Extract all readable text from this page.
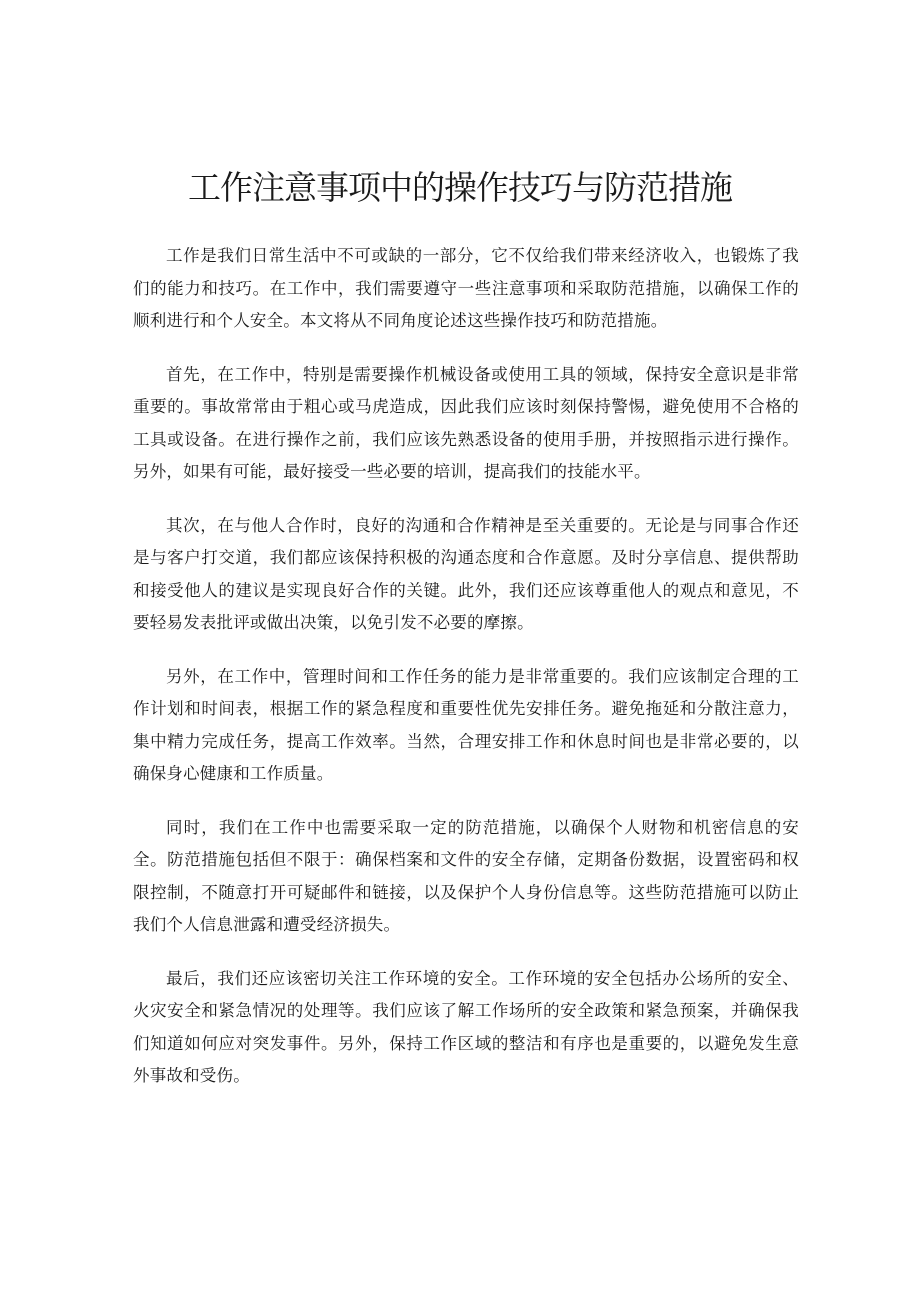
工作注意事项中的操作技巧与防范措施

工作是我们日常生活中不可或缺的一部分，它不仅给我们带来经济收入，也锻炼了我们的能力和技巧。在工作中，我们需要遵守一些注意事项和采取防范措施，以确保工作的顺利进行和个人安全。本文将从不同角度论述这些操作技巧和防范措施。

首先，在工作中，特别是需要操作机械设备或使用工具的领域，保持安全意识是非常重要的。事故常常由于粗心或马虎造成，因此我们应该时刻保持警惕，避免使用不合格的工具或设备。在进行操作之前，我们应该先熟悉设备的使用手册，并按照指示进行操作。另外，如果有可能，最好接受一些必要的培训，提高我们的技能水平。

其次，在与他人合作时，良好的沟通和合作精神是至关重要的。无论是与同事合作还是与客户打交道，我们都应该保持积极的沟通态度和合作意愿。及时分享信息、提供帮助和接受他人的建议是实现良好合作的关键。此外，我们还应该尊重他人的观点和意见，不要轻易发表批评或做出决策，以免引发不必要的摩擦。

另外，在工作中，管理时间和工作任务的能力是非常重要的。我们应该制定合理的工作计划和时间表，根据工作的紧急程度和重要性优先安排任务。避免拖延和分散注意力，集中精力完成任务，提高工作效率。当然，合理安排工作和休息时间也是非常必要的，以确保身心健康和工作质量。

同时，我们在工作中也需要采取一定的防范措施，以确保个人财物和机密信息的安全。防范措施包括但不限于：确保档案和文件的安全存储，定期备份数据，设置密码和权限控制，不随意打开可疑邮件和链接，以及保护个人身份信息等。这些防范措施可以防止我们个人信息泄露和遭受经济损失。

最后，我们还应该密切关注工作环境的安全。工作环境的安全包括办公场所的安全、火灾安全和紧急情况的处理等。我们应该了解工作场所的安全政策和紧急预案，并确保我们知道如何应对突发事件。另外，保持工作区域的整洁和有序也是重要的，以避免发生意外事故和受伤。
